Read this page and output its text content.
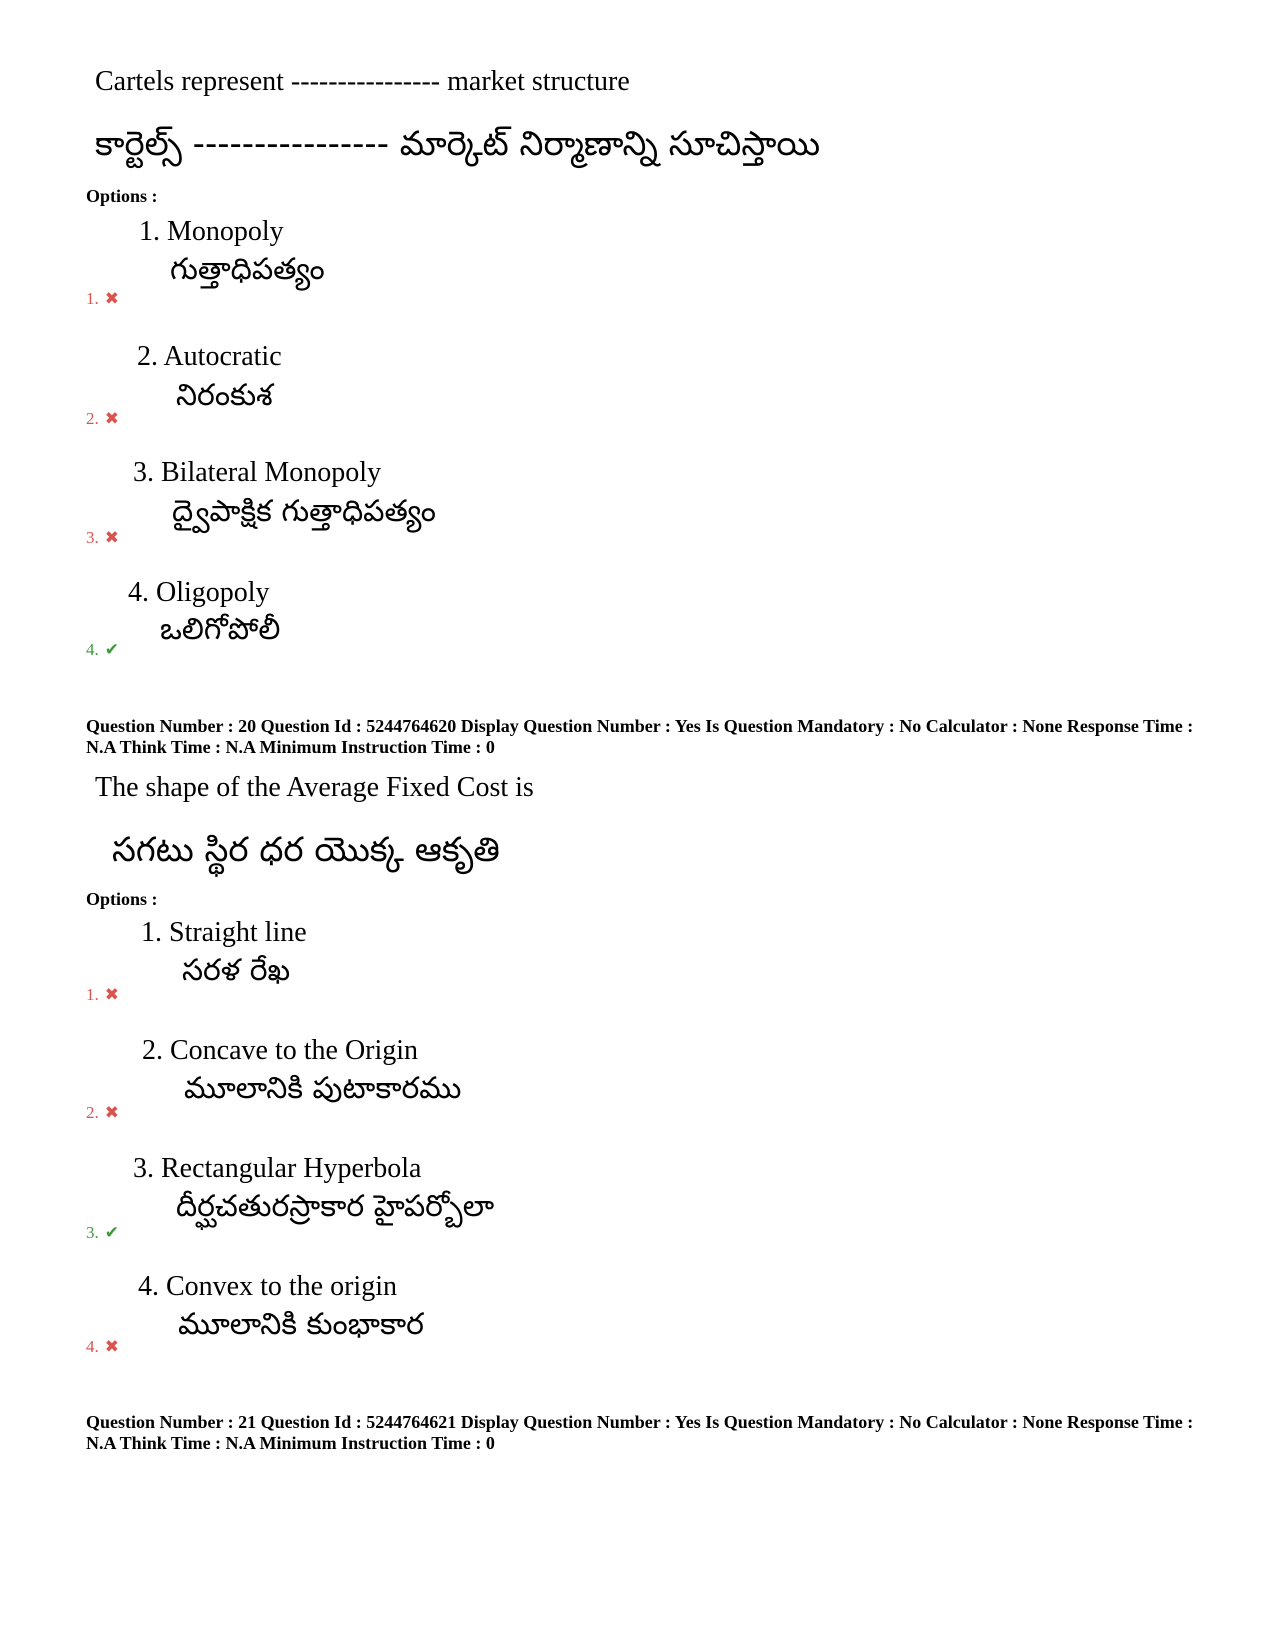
Cartels represent ---------------- market structure
కార్టెల్స్ ---------------- మార్కెట్ నిర్మాణాన్ని సూచిస్తాయి
Options :
1. Monopoly
గుత్తాధిపత్యం
1. ✖
2. Autocratic
నిరంకుశ
2. ✖
3. Bilateral Monopoly
ద్వైపాక్షిక గుత్తాధిపత్యం
3. ✖
4. Oligopoly
ఒలిగోపోలీ
4. ✔
Question Number : 20 Question Id : 5244764620 Display Question Number : Yes Is Question Mandatory : No Calculator : None Response Time : N.A Think Time : N.A Minimum Instruction Time : 0
The shape of the Average Fixed Cost is
సగటు స్థిర ధర యొక్క ఆకృతి
Options :
1. Straight line
సరళ రేఖ
1. ✖
2. Concave to the Origin
మూలానికి పుటాకారము
2. ✖
3. Rectangular Hyperbola
దీర్ఘచతురస్రాకార హైపర్బోలా
3. ✔
4. Convex to the origin
మూలానికి కుంభాకార
4. ✖
Question Number : 21 Question Id : 5244764621 Display Question Number : Yes Is Question Mandatory : No Calculator : None Response Time : N.A Think Time : N.A Minimum Instruction Time : 0
